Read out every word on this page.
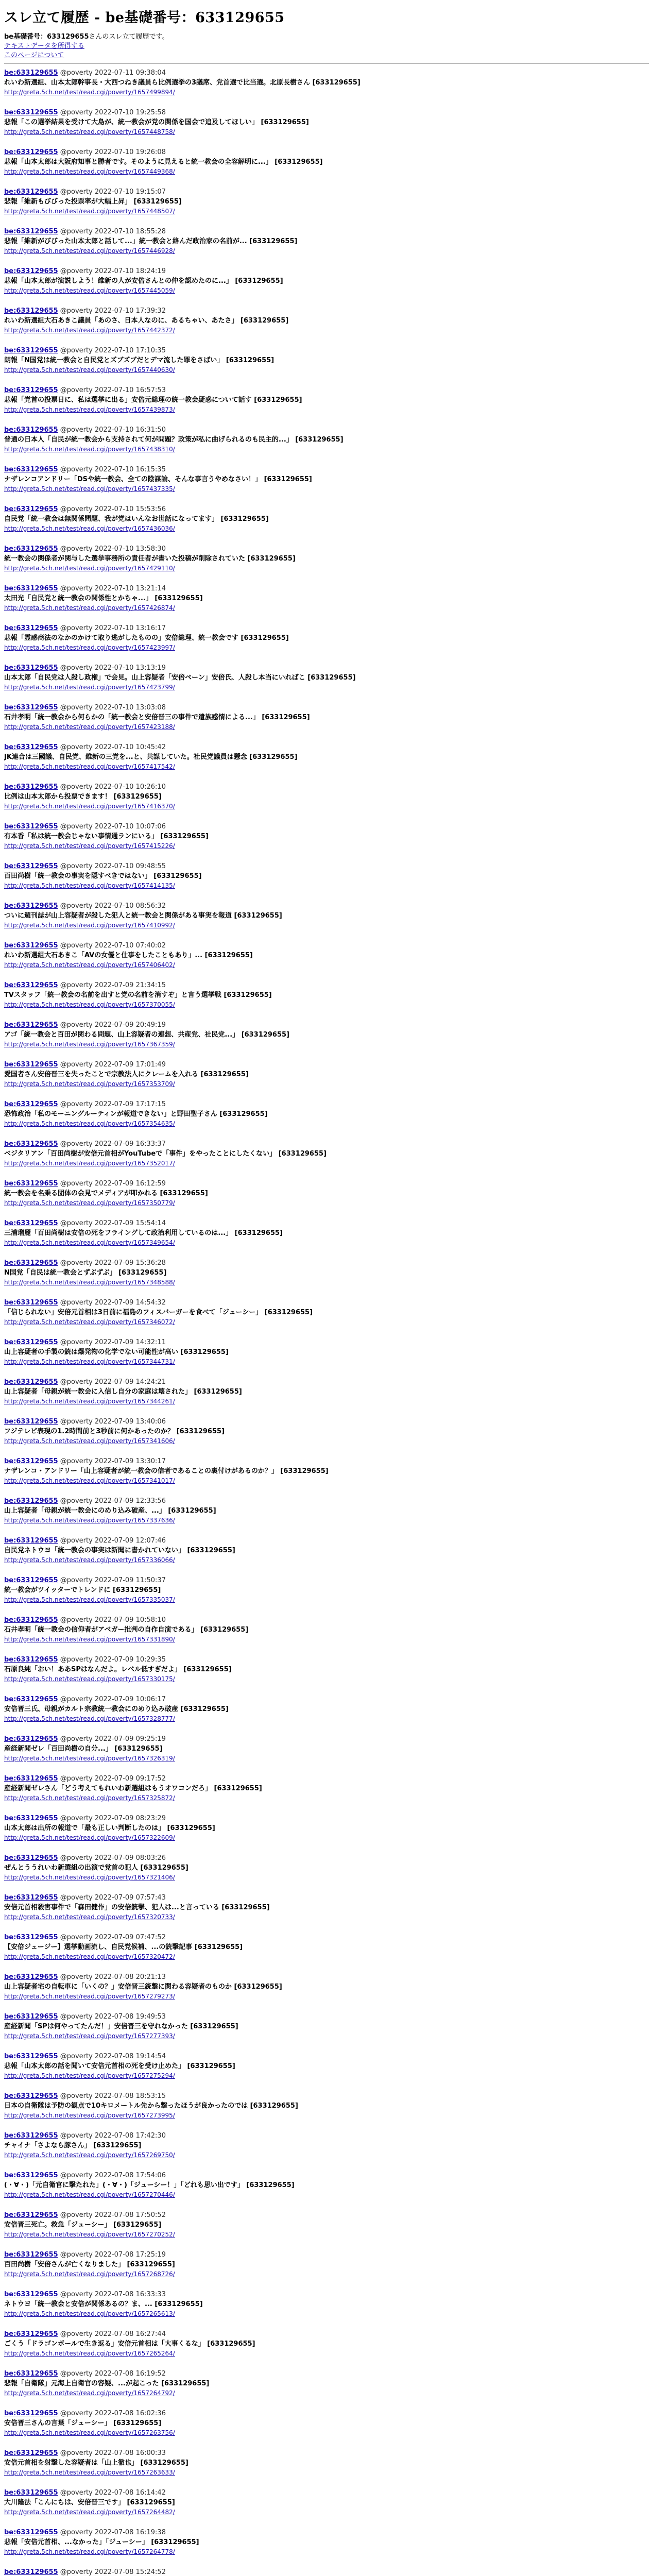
スレ立て履歴 - be基礎番号：633129655
be基礎番号：633129655さんのスレ立て履歴です。
テキストデータを所得する
このページについて
be:633129655 @poverty 2022-07-11 09:38:04
れいわ新選組、山本太郎幹事長・大西つねき議員ら比例選挙の3議席、党首選で比当選。北原長樹さん [633129655]
http://greta.5ch.net/test/read.cgi/poverty/1657499894/
be:633129655 @poverty 2022-07-10 19:25:58
悲報「この選挙結果を受けて大島が、統一教会が党の関係を国会で追及してほしい」 [633129655]
http://greta.5ch.net/test/read.cgi/poverty/1657448758/
be:633129655 @poverty 2022-07-10 19:26:08
悲報「山本太郎は大阪府知事と勝者です。そのように見えると統一教会の全容解明に...」 [633129655]
http://greta.5ch.net/test/read.cgi/poverty/1657449368/
be:633129655 @poverty 2022-07-10 19:15:07
悲報「維新もびびった投票率が大幅上昇」 [633129655]
http://greta.5ch.net/test/read.cgi/poverty/1657448507/
be:633129655 @poverty 2022-07-10 18:55:28
悲報「維新がびびった山本太郎と話して...」統一教会と絡んだ政治家の名前が... [633129655]
http://greta.5ch.net/test/read.cgi/poverty/1657446928/
be:633129655 @poverty 2022-07-10 18:24:19
悲報「山本太郎が演説しよう！維新の人が安倍さんとの仲を認めたのに...」 [633129655]
http://greta.5ch.net/test/read.cgi/poverty/1657445059/
be:633129655 @poverty 2022-07-10 17:39:32
れいわ新選組大石あきこ議員「あのさ、日本人なのに、あるちゃい、あたさ」 [633129655]
http://greta.5ch.net/test/read.cgi/poverty/1657442372/
be:633129655 @poverty 2022-07-10 17:10:35
朗報「N国党は統一教会と自民党とズブズブだとデマ流した罪をさばい」 [633129655]
http://greta.5ch.net/test/read.cgi/poverty/1657440630/
be:633129655 @poverty 2022-07-10 16:57:53
悲報「党首の投票日に、私は選挙に出る」安倍元総理の統一教会疑惑について話す [633129655]
http://greta.5ch.net/test/read.cgi/poverty/1657439873/
be:633129655 @poverty 2022-07-10 16:31:50
普通の日本人「自民が統一教会から支持されて何が問題？政策が私に曲げられるのも民主的...」 [633129655]
http://greta.5ch.net/test/read.cgi/poverty/1657438310/
be:633129655 @poverty 2022-07-10 16:15:35
ナザレンコアンドリー「DSや統一教会、全ての陰謀論、そんな事言うやめなさい！」 [633129655]
http://greta.5ch.net/test/read.cgi/poverty/1657437335/
be:633129655 @poverty 2022-07-10 15:53:56
自民党「統一教会は無関係問題、我が党はいんなお世話になってます」 [633129655]
http://greta.5ch.net/test/read.cgi/poverty/1657436036/
be:633129655 @poverty 2022-07-10 13:58:30
統一教会の関係者が関与した選挙事務所の責任者が書いた投稿が削除されていた [633129655]
http://greta.5ch.net/test/read.cgi/poverty/1657429110/
be:633129655 @poverty 2022-07-10 13:21:14
太田光「自民党と統一教会の関係性とかちゃ...」 [633129655]
http://greta.5ch.net/test/read.cgi/poverty/1657426874/
be:633129655 @poverty 2022-07-10 13:16:17
悲報「霊感商法のなかのかけて取り逃がしたものの」安倍総理、統一教会です [633129655]
http://greta.5ch.net/test/read.cgi/poverty/1657423997/
be:633129655 @poverty 2022-07-10 13:13:19
山本太郎「自民党は人殺し政権」で会見。山上容疑者「安倍ペーン」安倍氏、人殺し本当にいればこ [633129655]
http://greta.5ch.net/test/read.cgi/poverty/1657423799/
be:633129655 @poverty 2022-07-10 13:03:08
石井孝明「統一教会から何らかの「統一教会と安倍晋三の事件で遺族感情による...」 [633129655]
http://greta.5ch.net/test/read.cgi/poverty/1657423188/
be:633129655 @poverty 2022-07-10 10:45:42
JK連合は三國議、自民党、維新の三党を...と、共謀していた。社民党議員は懸念 [633129655]
http://greta.5ch.net/test/read.cgi/poverty/1657417542/
be:633129655 @poverty 2022-07-10 10:26:10
比例は山本太郎から投票できます！ [633129655]
http://greta.5ch.net/test/read.cgi/poverty/1657416370/
be:633129655 @poverty 2022-07-10 10:07:06
有本香「私は統一教会じゃない事情通ランにいる」 [633129655]
http://greta.5ch.net/test/read.cgi/poverty/1657415226/
be:633129655 @poverty 2022-07-10 09:48:55
百田尚樹「統一教会の事実を隠すべきではない」 [633129655]
http://greta.5ch.net/test/read.cgi/poverty/1657414135/
be:633129655 @poverty 2022-07-10 08:56:32
ついに週刊誌が山上容疑者が殺した犯人と統一教会と関係がある事実を報道 [633129655]
http://greta.5ch.net/test/read.cgi/poverty/1657410992/
be:633129655 @poverty 2022-07-10 07:40:02
れいわ新選組大石あきこ「AVの女優と仕事をしたこともあり」... [633129655]
http://greta.5ch.net/test/read.cgi/poverty/1657406402/
be:633129655 @poverty 2022-07-09 21:34:15
TVスタッフ「統一教会の名前を出すと党の名前を消すぞ」と言う選挙戦 [633129655]
http://greta.5ch.net/test/read.cgi/poverty/1657370055/
be:633129655 @poverty 2022-07-09 20:49:19
アゴ「統一教会と百田が関わる問題、山上容疑者の連想、共産党、社民党...」 [633129655]
http://greta.5ch.net/test/read.cgi/poverty/1657367359/
be:633129655 @poverty 2022-07-09 17:01:49
愛国者さん安倍晋三を失ったことで宗教法人にクレームを入れる [633129655]
http://greta.5ch.net/test/read.cgi/poverty/1657353709/
be:633129655 @poverty 2022-07-09 17:17:15
恐怖政治「私のモーニングルーティンが報道できない」と野田聖子さん [633129655]
http://greta.5ch.net/test/read.cgi/poverty/1657354635/
be:633129655 @poverty 2022-07-09 16:33:37
ベジタリアン「百田尚樹が安倍元首相がYouTubeで「事件」をやったことにしたくない」 [633129655]
http://greta.5ch.net/test/read.cgi/poverty/1657352017/
be:633129655 @poverty 2022-07-09 16:12:59
統一教会を名乗る団体の会見でメディアが叩かれる [633129655]
http://greta.5ch.net/test/read.cgi/poverty/1657350779/
be:633129655 @poverty 2022-07-09 15:54:14
三浦瑠麗「百田尚樹は安倍の死をフライングして政治利用しているのは...」 [633129655]
http://greta.5ch.net/test/read.cgi/poverty/1657349654/
be:633129655 @poverty 2022-07-09 15:36:28
N国党「自民は統一教会とずぶずぶ」 [633129655]
http://greta.5ch.net/test/read.cgi/poverty/1657348588/
be:633129655 @poverty 2022-07-09 14:54:32
「信じられない」安倍元首相は3日前に福島のフィスバーガーを食べて「ジューシー」 [633129655]
http://greta.5ch.net/test/read.cgi/poverty/1657346072/
be:633129655 @poverty 2022-07-09 14:32:11
山上容疑者の手製の銃は爆発物の化学でない可能性が高い [633129655]
http://greta.5ch.net/test/read.cgi/poverty/1657344731/
be:633129655 @poverty 2022-07-09 14:24:21
山上容疑者「母親が統一教会に入信し自分の家庭は壊された」 [633129655]
http://greta.5ch.net/test/read.cgi/poverty/1657344261/
be:633129655 @poverty 2022-07-09 13:40:06
フジテレビ表現の1.2時間前と3秒前に何かあったのか？ [633129655]
http://greta.5ch.net/test/read.cgi/poverty/1657341606/
be:633129655 @poverty 2022-07-09 13:30:17
ナザレンコ・アンドリー「山上容疑者が統一教会の信者であることの裏付けがあるのか？」 [633129655]
http://greta.5ch.net/test/read.cgi/poverty/1657341017/
be:633129655 @poverty 2022-07-09 12:33:56
山上容疑者「母親が統一教会にのめり込み破産、...」 [633129655]
http://greta.5ch.net/test/read.cgi/poverty/1657337636/
be:633129655 @poverty 2022-07-09 12:07:46
自民党ネトウヨ「統一教会の事実は新聞に書かれていない」 [633129655]
http://greta.5ch.net/test/read.cgi/poverty/1657336066/
be:633129655 @poverty 2022-07-09 11:50:37
統一教会がツイッターでトレンドに [633129655]
http://greta.5ch.net/test/read.cgi/poverty/1657335037/
be:633129655 @poverty 2022-07-09 10:58:10
石井孝明「統一教会の信仰者がアベガー批判の自作自演である」 [633129655]
http://greta.5ch.net/test/read.cgi/poverty/1657331890/
be:633129655 @poverty 2022-07-09 10:29:35
石原良純「おい！ああSPはなんだよ。レベル低すぎだよ」 [633129655]
http://greta.5ch.net/test/read.cgi/poverty/1657330175/
be:633129655 @poverty 2022-07-09 10:06:17
安倍晋三氏、母親がカルト宗教統一教会にのめり込み破産 [633129655]
http://greta.5ch.net/test/read.cgi/poverty/1657328777/
be:633129655 @poverty 2022-07-09 09:25:19
産経新聞ゼレ「百田尚樹の自分...」 [633129655]
http://greta.5ch.net/test/read.cgi/poverty/1657326319/
be:633129655 @poverty 2022-07-09 09:17:52
産経新聞ゼレさん「どう考えてもれいわ新選組はもうオワコンだろ」 [633129655]
http://greta.5ch.net/test/read.cgi/poverty/1657325872/
be:633129655 @poverty 2022-07-09 08:23:29
山本太郎は出所の報道で「最も正しい判断したのは」 [633129655]
http://greta.5ch.net/test/read.cgi/poverty/1657322609/
be:633129655 @poverty 2022-07-09 08:03:26
ぜんとううれいわ新選組の出演で党首の犯人 [633129655]
http://greta.5ch.net/test/read.cgi/poverty/1657321406/
be:633129655 @poverty 2022-07-09 07:57:43
安倍元首相殺害事件で「森田健作」の安倍銃撃、犯人は...と言っている [633129655]
http://greta.5ch.net/test/read.cgi/poverty/1657320733/
be:633129655 @poverty 2022-07-09 07:47:52
【安倍ジュージー】選挙動画流し、自民党候補、...の銃撃記事 [633129655]
http://greta.5ch.net/test/read.cgi/poverty/1657320472/
be:633129655 @poverty 2022-07-08 20:21:13
山上容疑者宅の自転車に「いくの？」安倍晋三銃撃に関わる容疑者のものか [633129655]
http://greta.5ch.net/test/read.cgi/poverty/1657279273/
be:633129655 @poverty 2022-07-08 19:49:53
産経新聞「SPは何やってたんだ！」安倍晋三を守れなかった [633129655]
http://greta.5ch.net/test/read.cgi/poverty/1657277393/
be:633129655 @poverty 2022-07-08 19:14:54
悲報「山本太郎の話を聞いて安倍元首相の死を受け止めた」 [633129655]
http://greta.5ch.net/test/read.cgi/poverty/1657275294/
be:633129655 @poverty 2022-07-08 18:53:15
日本の自衛隊は予防の観点で10キロメートル先から撃ったほうが良かったのでは [633129655]
http://greta.5ch.net/test/read.cgi/poverty/1657273995/
be:633129655 @poverty 2022-07-08 17:42:30
チャイナ「さよなら豚さん」 [633129655]
http://greta.5ch.net/test/read.cgi/poverty/1657269750/
be:633129655 @poverty 2022-07-08 17:54:06
(・∀・)「元自衛官に撃たれた」(・∀・)「ジューシー！」「どれも思い出です」 [633129655]
http://greta.5ch.net/test/read.cgi/poverty/1657270446/
be:633129655 @poverty 2022-07-08 17:50:52
安倍晋三死亡。救急「ジューシー」 [633129655]
http://greta.5ch.net/test/read.cgi/poverty/1657270252/
be:633129655 @poverty 2022-07-08 17:25:19
百田尚樹「安倍さんが亡くなりました」 [633129655]
http://greta.5ch.net/test/read.cgi/poverty/1657268726/
be:633129655 @poverty 2022-07-08 16:33:33
ネトウヨ「統一教会と安倍が関係あるの？ま、... [633129655]
http://greta.5ch.net/test/read.cgi/poverty/1657265613/
be:633129655 @poverty 2022-07-08 16:27:44
ごくう「ドラゴンボールで生き返る」安倍元首相は「大事くるな」 [633129655]
http://greta.5ch.net/test/read.cgi/poverty/1657265264/
be:633129655 @poverty 2022-07-08 16:19:52
悲報「自衛隊」元海上自衛官の容疑、...が起こった [633129655]
http://greta.5ch.net/test/read.cgi/poverty/1657264792/
be:633129655 @poverty 2022-07-08 16:02:36
安倍晋三さんの言葉「ジューシー」 [633129655]
http://greta.5ch.net/test/read.cgi/poverty/1657263756/
be:633129655 @poverty 2022-07-08 16:00:33
安倍元首相を射撃した容疑者は「山上徹也」 [633129655]
http://greta.5ch.net/test/read.cgi/poverty/1657263633/
be:633129655 @poverty 2022-07-08 16:14:42
大川隆法「こんにちは、安倍晋三です」 [633129655]
http://greta.5ch.net/test/read.cgi/poverty/1657264482/
be:633129655 @poverty 2022-07-08 16:19:38
悲報「安倍元首相、...なかった」「ジューシー」 [633129655]
http://greta.5ch.net/test/read.cgi/poverty/1657264778/
be:633129655 @poverty 2022-07-08 15:24:52
